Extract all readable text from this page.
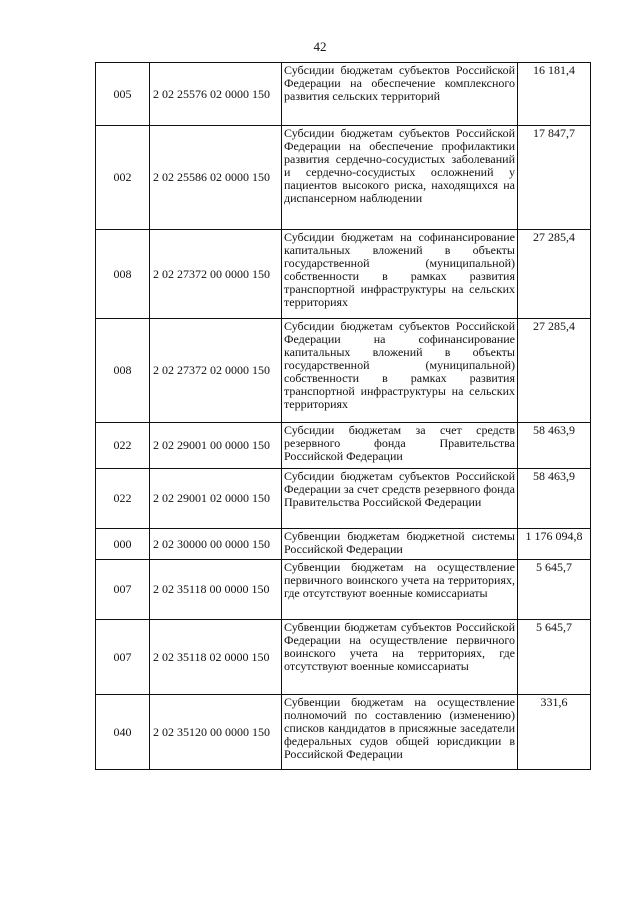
42
005	2 02 25576 02 0000 150	Субсидии бюджетам субъектов Российской Федерации на обеспечение комплексного развития сельских территорий	16 181,4
002	2 02 25586 02 0000 150	Субсидии бюджетам субъектов Российской Федерации на обеспечение профилактики развития сердечно-сосудистых заболеваний и сердечно-сосудистых осложнений у пациентов высокого риска, находящихся на диспансерном наблюдении	17 847,7
008	2 02 27372 00 0000 150	Субсидии бюджетам на софинансирование капитальных вложений в объекты государственной (муниципальной) собственности в рамках развития транспортной инфраструктуры на сельских территориях	27 285,4
008	2 02 27372 02 0000 150	Субсидии бюджетам субъектов Российской Федерации на софинансирование капитальных вложений в объекты государственной (муниципальной) собственности в рамках развития транспортной инфраструктуры на сельских территориях	27 285,4
022	2 02 29001 00 0000 150	Субсидии бюджетам за счет средств резервного фонда Правительства Российской Федерации	58 463,9
022	2 02 29001 02 0000 150	Субсидии бюджетам субъектов Российской Федерации за счет средств резервного фонда Правительства Российской Федерации	58 463,9
000	2 02 30000 00 0000 150	Субвенции бюджетам бюджетной системы Российской Федерации	1 176 094,8
007	2 02 35118 00 0000 150	Субвенции бюджетам на осуществление первичного воинского учета на территориях, где отсутствуют военные комиссариаты	5 645,7
007	2 02 35118 02 0000 150	Субвенции бюджетам субъектов Российской Федерации на осуществление первичного воинского учета на территориях, где отсутствуют военные комиссариаты	5 645,7
040	2 02 35120 00 0000 150	Субвенции бюджетам на осуществление полномочий по составлению (изменению) списков кандидатов в присяжные заседатели федеральных судов общей юрисдикции в Российской Федерации	331,6
